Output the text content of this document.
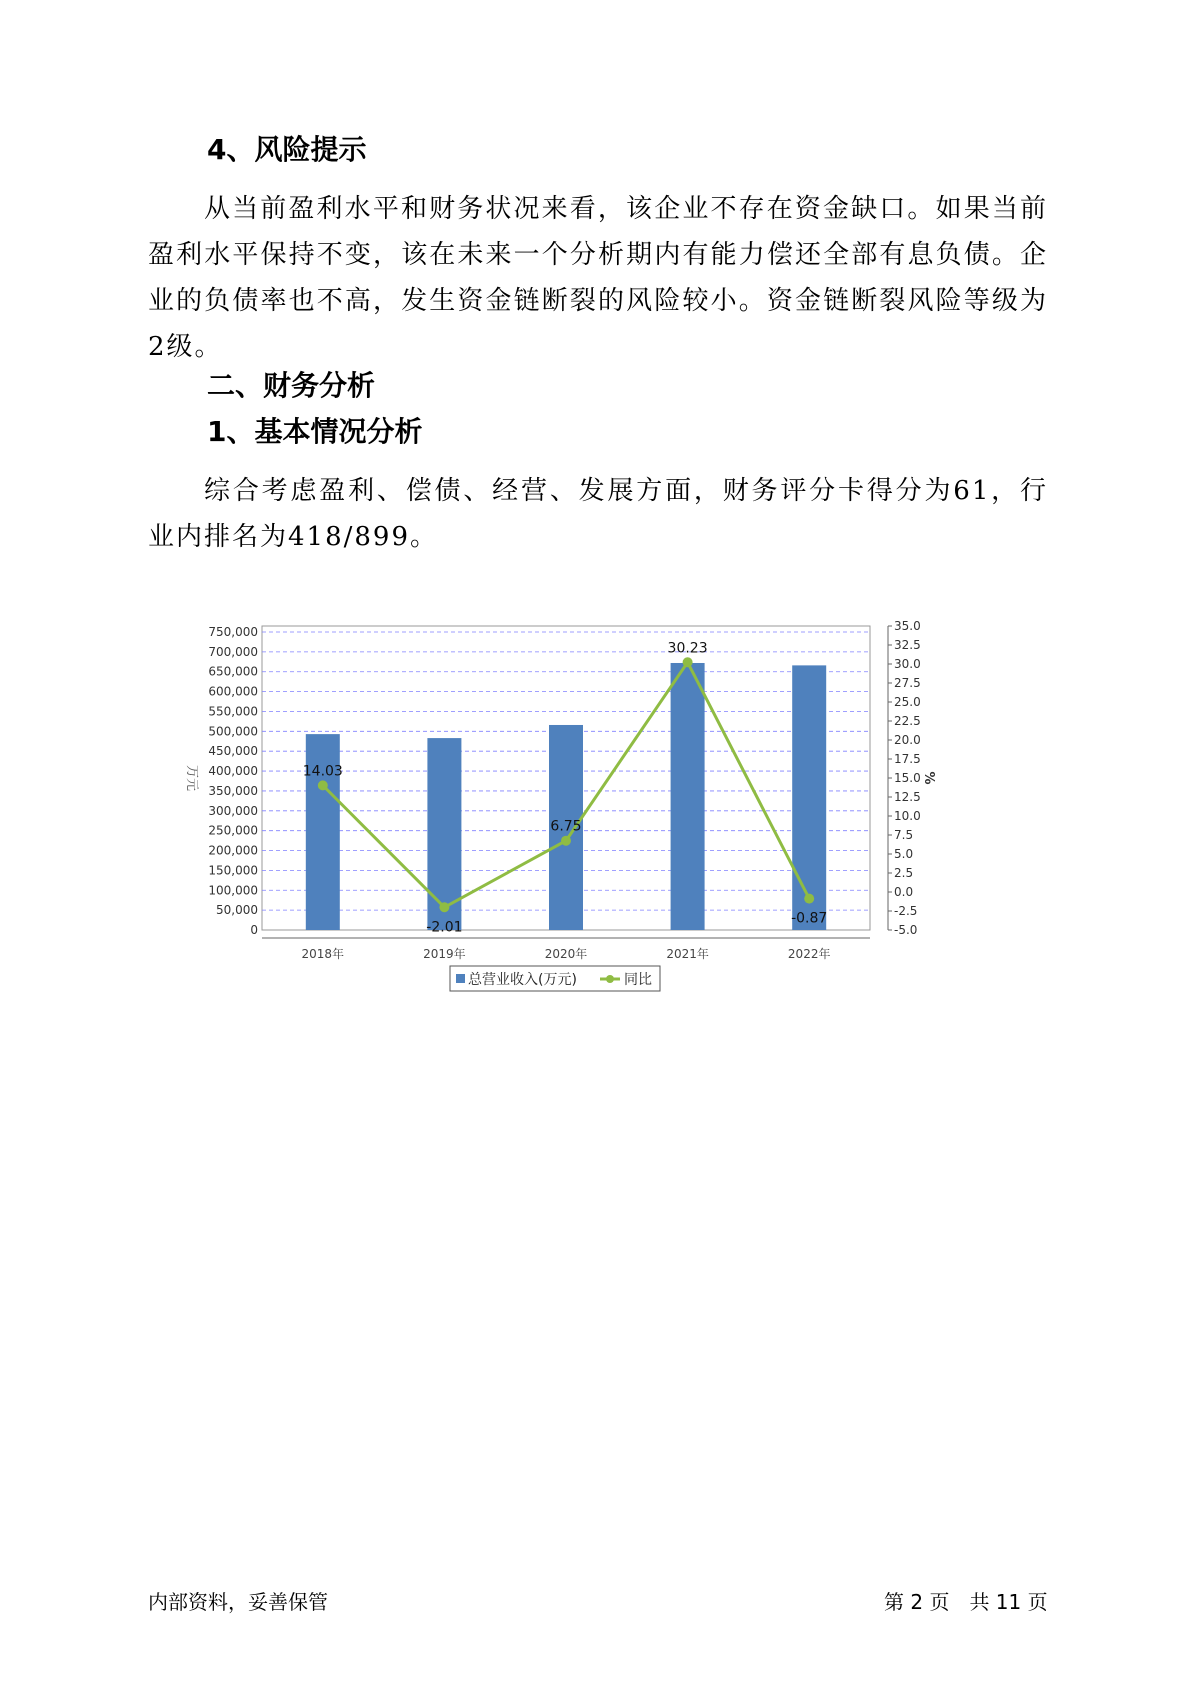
4、风险提示

从当前盈利水平和财务状况来看，该企业不存在资金缺口。如果当前盈利水平保持不变，该在未来一个分析期内有能力偿还全部有息负债。企业的负债率也不高，发生资金链断裂的风险较小。资金链断裂风险等级为2级。

二、财务分析
1、基本情况分析

综合考虑盈利、偿债、经营、发展方面，财务评分卡得分为61，行业内排名为418/899。

0
50,000
100,000
150,000
200,000
250,000
300,000
350,000
400,000
450,000
500,000
550,000
600,000
650,000
700,000
750,000
-5.0
-2.5
0.0
2.5
5.0
7.5
10.0
12.5
15.0
17.5
20.0
22.5
25.0
27.5
30.0
32.5
35.0
2018年	2019年	2020年	2021年	2022年
14.03
-2.01
6.75
30.23
-0.87
万元	%
总营业收入(万元)	同比
内部资料，妥善保管	第 2 页　共 11 页
